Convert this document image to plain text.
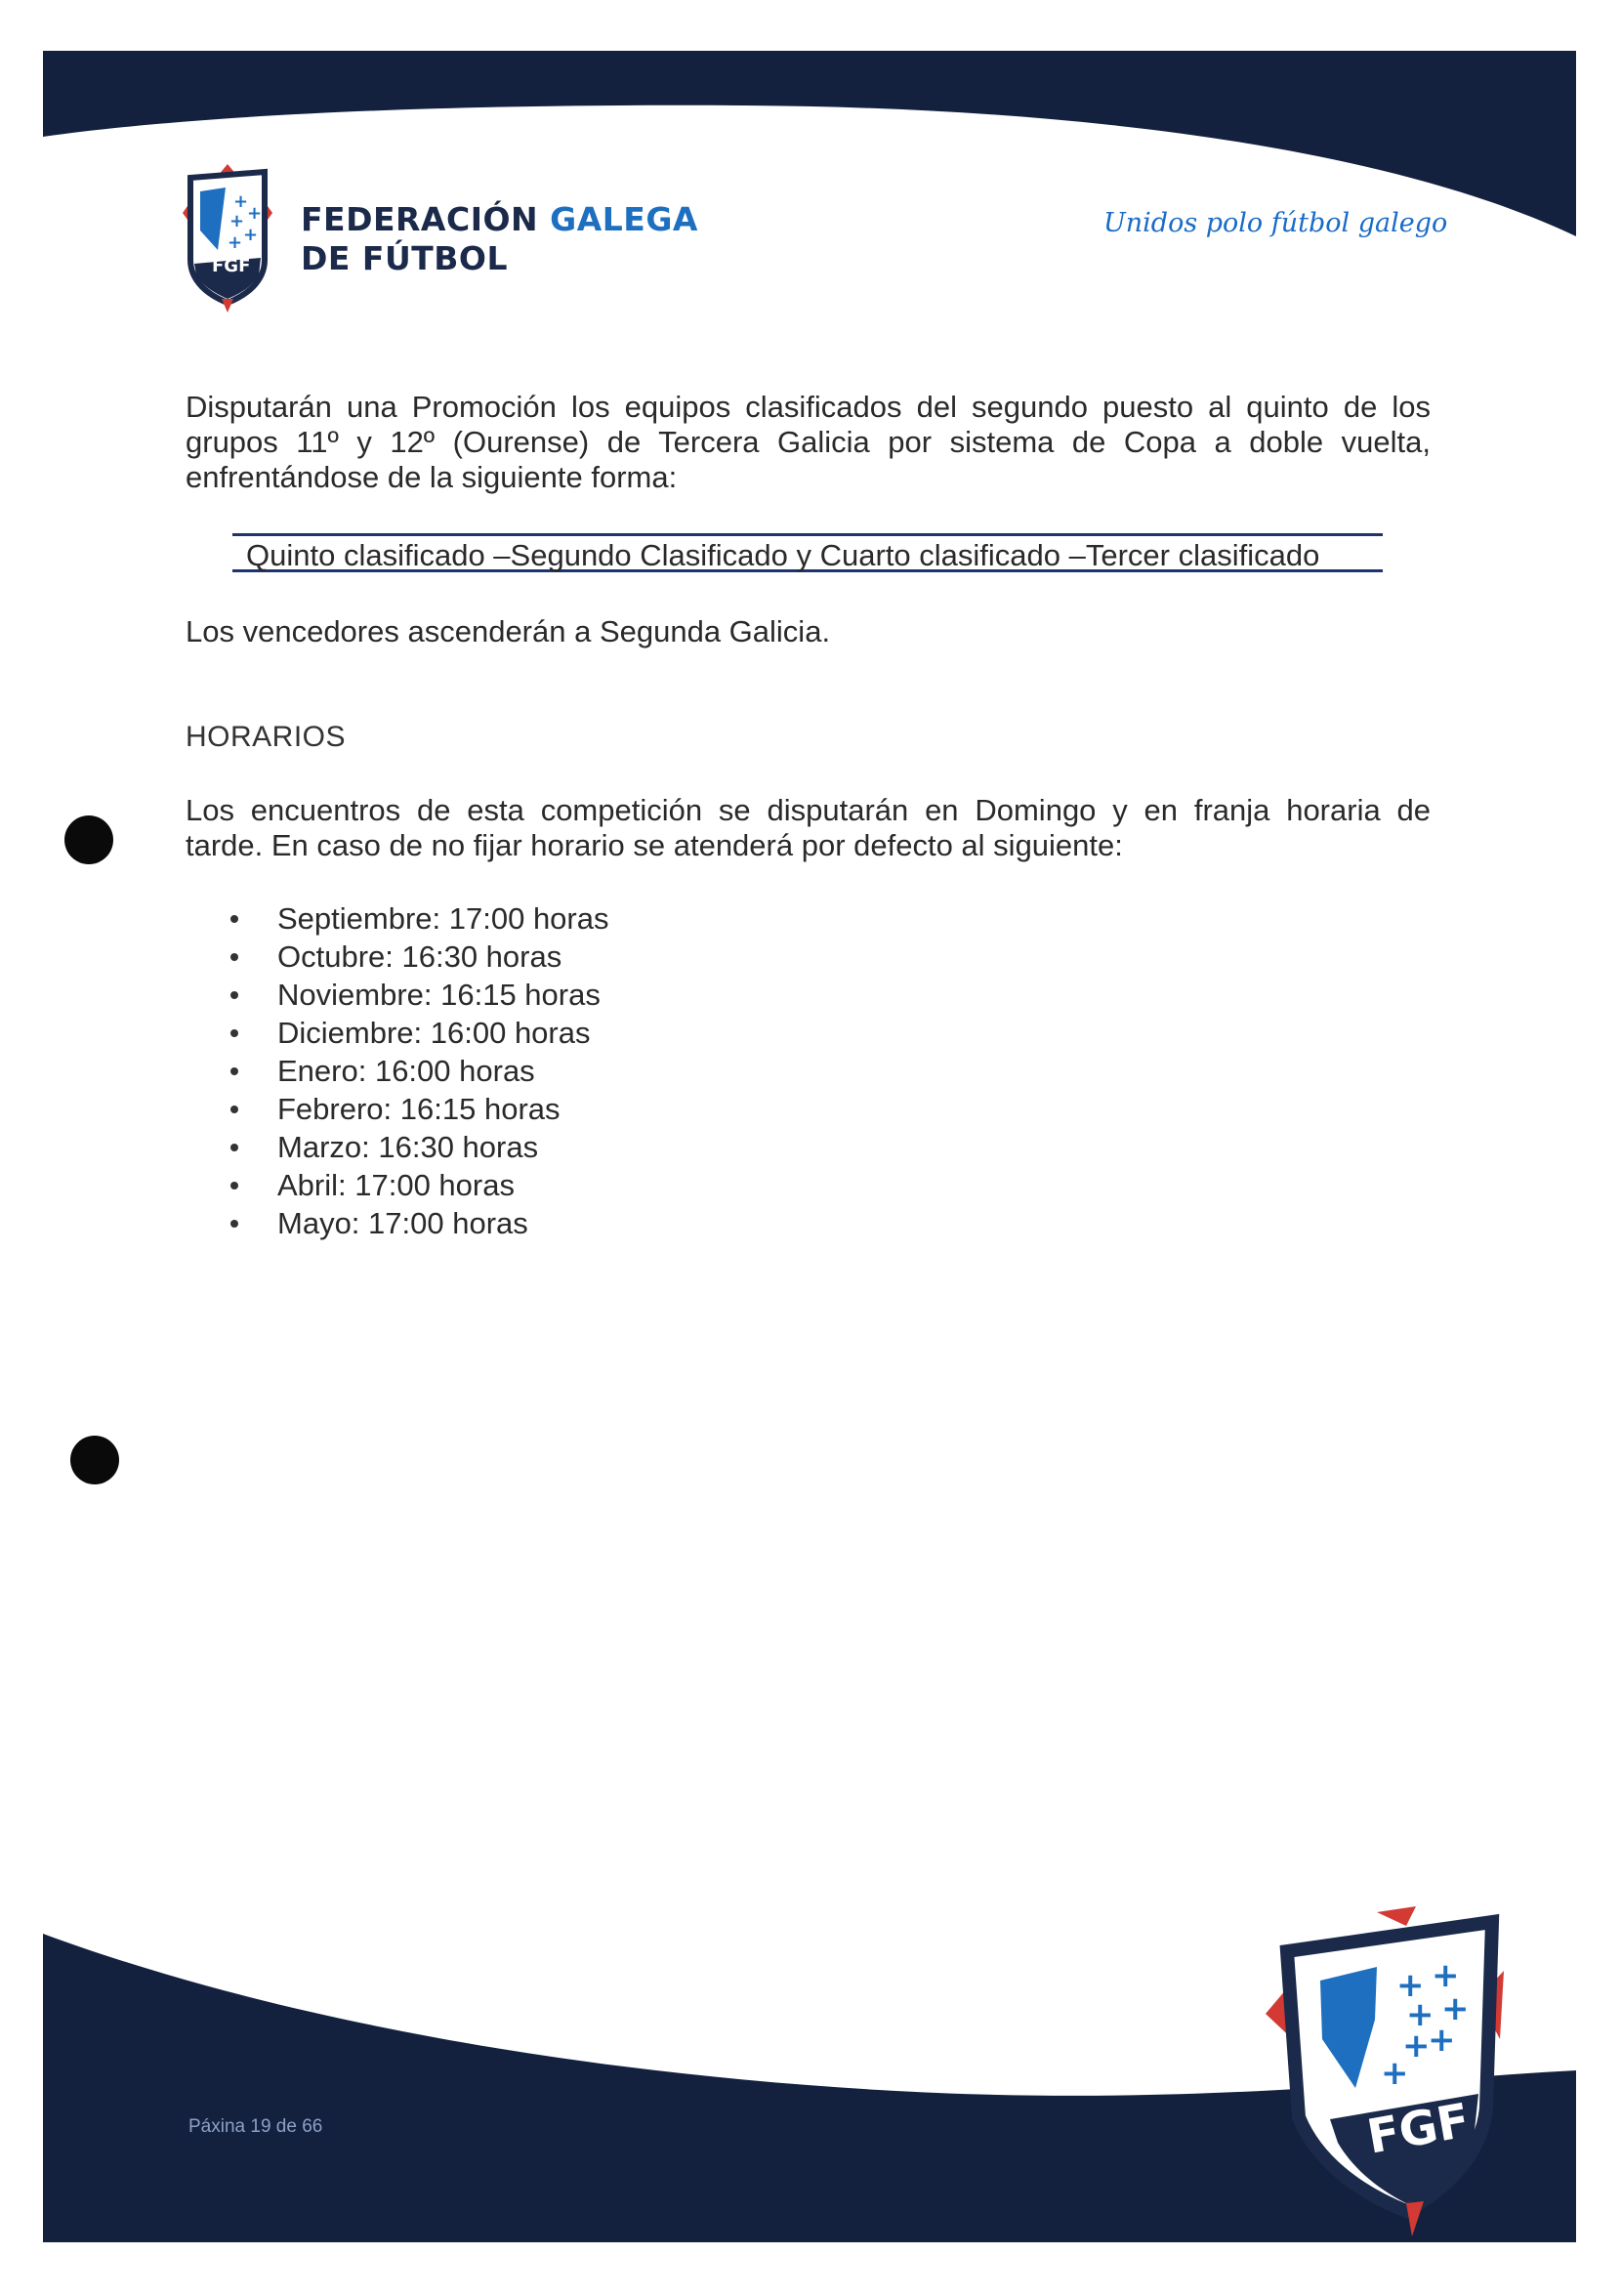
+
+
+
+
+
FGF
FEDERACIÓN GALEGA
DE FÚTBOL
Unidos polo fútbol galego
Disputarán una Promoción los equipos clasificados del segundo puesto al quinto de los
grupos 11º y 12º (Ourense) de Tercera Galicia por sistema de Copa a doble vuelta,
enfrentándose de la siguiente forma:
Quinto clasificado –Segundo Clasificado y Cuarto clasificado –Tercer clasificado
Los vencedores ascenderán a Segunda Galicia.
HORARIOS
Los encuentros de esta competición se disputarán en Domingo y en franja horaria de
tarde. En caso de no fijar horario se atenderá por defecto al siguiente:
Septiembre: 17:00 horas
Octubre: 16:30 horas
Noviembre: 16:15 horas
Diciembre: 16:00 horas
Enero: 16:00 horas
Febrero: 16:15 horas
Marzo: 16:30 horas
Abril: 17:00 horas
Mayo: 17:00 horas
Páxina 19 de 66
+ +
+ +
+
+
+
FGF
